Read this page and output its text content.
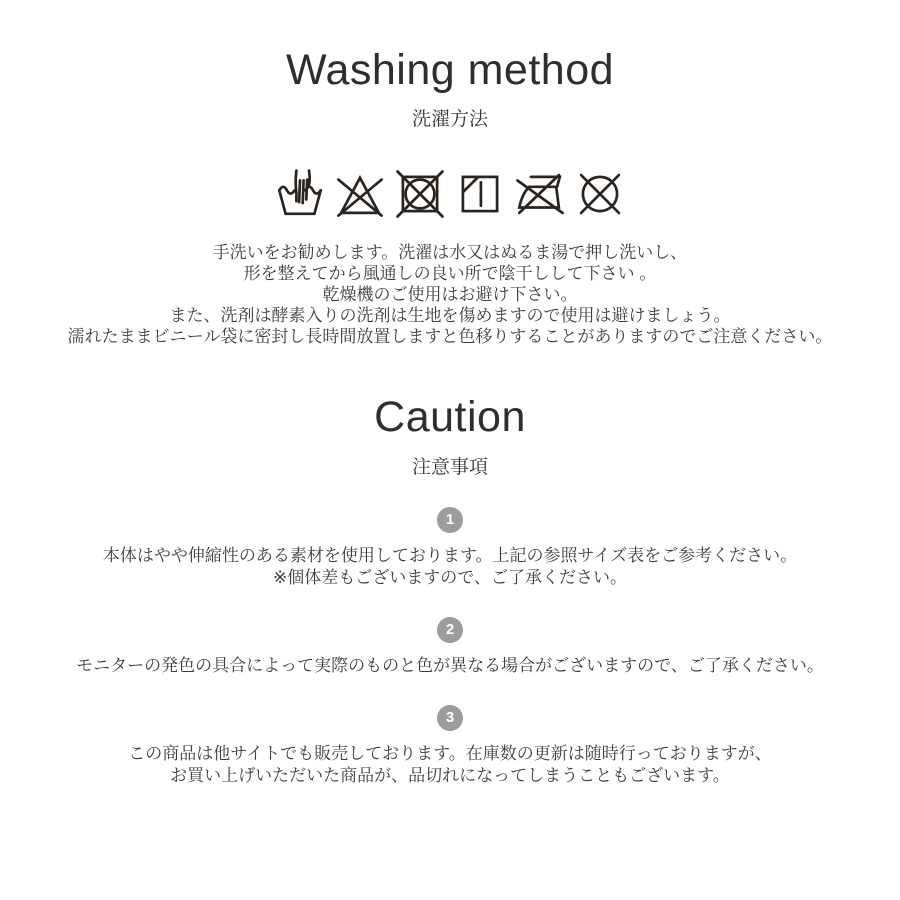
Washing method
洗濯方法
手洗いをお勧めします。洗濯は水又はぬるま湯で押し洗いし、
形を整えてから風通しの良い所で陰干しして下さい 。
乾燥機のご使用はお避け下さい。
また、洗剤は酵素入りの洗剤は生地を傷めますので使用は避けましょう。
濡れたままビニール袋に密封し長時間放置しますと色移りすることがありますのでご注意ください。
Caution
注意事項
1
本体はやや伸縮性のある素材を使用しております。上記の参照サイズ表をご参考ください。
※個体差もございますので、ご了承ください。
2
モニターの発色の具合によって実際のものと色が異なる場合がございますので、ご了承ください。
3
この商品は他サイトでも販売しております。在庫数の更新は随時行っておりますが、
お買い上げいただいた商品が、品切れになってしまうこともございます。
